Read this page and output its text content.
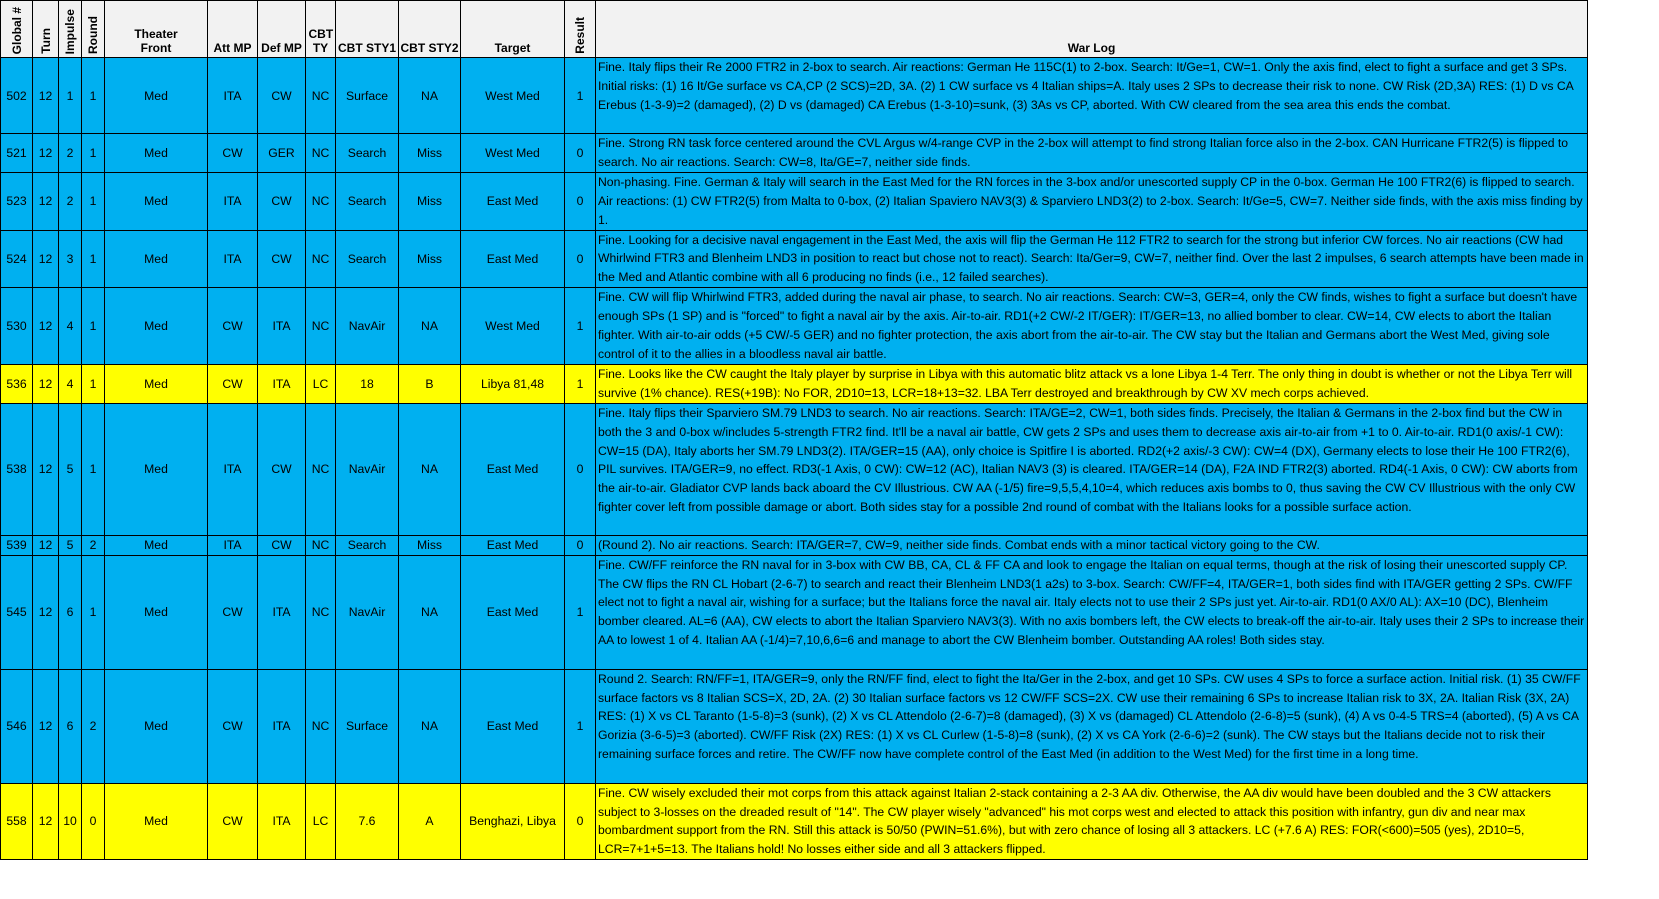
Global #	Turn	Impulse	Round	Theater Front	Att MP	Def MP	CBT TY	CBT STY1	CBT STY2	Target	Result	War Log
502	12	1	1	Med	ITA	CW	NC	Surface	NA	West Med	1	Fine. Italy flips their Re 2000 FTR2 in 2-box to search. Air reactions: German He 115C(1) to 2-box. Search: It/Ge=1, CW=1. Only the axis find, elect to fight a surface and get 3 SPs. Initial risks: (1) 16 It/Ge surface vs CA,CP (2 SCS)=2D, 3A. (2) 1 CW surface vs 4 Italian ships=A. Italy uses 2 SPs to decrease their risk to none. CW Risk (2D,3A) RES: (1) D vs CA Erebus (1-3-9)=2 (damaged), (2) D vs (damaged) CA Erebus (1-3-10)=sunk, (3) 3As vs CP, aborted. With CW cleared from the sea area this ends the combat.
521	12	2	1	Med	CW	GER	NC	Search	Miss	West Med	0	Fine. Strong RN task force centered around the CVL Argus w/4-range CVP in the 2-box will attempt to find strong Italian force also in the 2-box. CAN Hurricane FTR2(5) is flipped to search. No air reactions. Search: CW=8, Ita/GE=7, neither side finds.
523	12	2	1	Med	ITA	CW	NC	Search	Miss	East Med	0	Non-phasing. Fine. German & Italy will search in the East Med for the RN forces in the 3-box and/or unescorted supply CP in the 0-box. German He 100 FTR2(6) is flipped to search. Air reactions: (1) CW FTR2(5) from Malta to 0-box, (2) Italian Spaviero NAV3(3) & Sparviero LND3(2) to 2-box. Search: It/Ge=5, CW=7. Neither side finds, with the axis miss finding by 1.
524	12	3	1	Med	ITA	CW	NC	Search	Miss	East Med	0	Fine. Looking for a decisive naval engagement in the East Med, the axis will flip the German He 112 FTR2 to search for the strong but inferior CW forces. No air reactions (CW had Whirlwind FTR3 and Blenheim LND3 in position to react but chose not to react). Search: Ita/Ger=9, CW=7, neither find. Over the last 2 impulses, 6 search attempts have been made in the Med and Atlantic combine with all 6 producing no finds (i.e., 12 failed searches).
530	12	4	1	Med	CW	ITA	NC	NavAir	NA	West Med	1	Fine. CW will flip Whirlwind FTR3, added during the naval air phase, to search. No air reactions. Search: CW=3, GER=4, only the CW finds, wishes to fight a surface but doesn't have enough SPs (1 SP) and is "forced" to fight a naval air by the axis. Air-to-air. RD1(+2 CW/-2 IT/GER): IT/GER=13, no allied bomber to clear. CW=14, CW elects to abort the Italian fighter. With air-to-air odds (+5 CW/-5 GER) and no fighter protection, the axis abort from the air-to-air. The CW stay but the Italian and Germans abort the West Med, giving sole control of it to the allies in a bloodless naval air battle.
536	12	4	1	Med	CW	ITA	LC	18	B	Libya 81,48	1	Fine. Looks like the CW caught the Italy player by surprise in Libya with this automatic blitz attack vs a lone Libya 1-4 Terr. The only thing in doubt is whether or not the Libya Terr will survive (1% chance). RES(+19B): No FOR, 2D10=13, LCR=18+13=32. LBA Terr destroyed and breakthrough by CW XV mech corps achieved.
538	12	5	1	Med	ITA	CW	NC	NavAir	NA	East Med	0	Fine. Italy flips their Sparviero SM.79 LND3 to search. No air reactions. Search: ITA/GE=2, CW=1, both sides finds. Precisely, the Italian & Germans in the 2-box find but the CW in both the 3 and 0-box w/includes 5-strength FTR2 find. It'll be a naval air battle, CW gets 2 SPs and uses them to decrease axis air-to-air from +1 to 0. Air-to-air. RD1(0 axis/-1 CW): CW=15 (DA), Italy aborts her SM.79 LND3(2). ITA/GER=15 (AA), only choice is Spitfire I is aborted. RD2(+2 axis/-3 CW): CW=4 (DX), Germany elects to lose their He 100 FTR2(6), PIL survives. ITA/GER=9, no effect. RD3(-1 Axis, 0 CW): CW=12 (AC), Italian NAV3 (3) is cleared. ITA/GER=14 (DA), F2A IND FTR2(3) aborted. RD4(-1 Axis, 0 CW): CW aborts from the air-to-air. Gladiator CVP lands back aboard the CV Illustrious. CW AA (-1/5) fire=9,5,5,4,10=4, which reduces axis bombs to 0, thus saving the CW CV Illustrious with the only CW fighter cover left from possible damage or abort. Both sides stay for a possible 2nd round of combat with the Italians looks for a possible surface action.
539	12	5	2	Med	ITA	CW	NC	Search	Miss	East Med	0	(Round 2). No air reactions. Search: ITA/GER=7, CW=9, neither side finds. Combat ends with a minor tactical victory going to the CW.
545	12	6	1	Med	CW	ITA	NC	NavAir	NA	East Med	1	Fine. CW/FF reinforce the RN naval for in 3-box with CW BB, CA, CL & FF CA and look to engage the Italian on equal terms, though at the risk of losing their unescorted supply CP. The CW flips the RN CL Hobart (2-6-7) to search and react their Blenheim LND3(1 a2s) to 3-box. Search: CW/FF=4, ITA/GER=1, both sides find with ITA/GER getting 2 SPs. CW/FF elect not to fight a naval air, wishing for a surface; but the Italians force the naval air. Italy elects not to use their 2 SPs just yet. Air-to-air. RD1(0 AX/0 AL): AX=10 (DC), Blenheim bomber cleared. AL=6 (AA), CW elects to abort the Italian Sparviero NAV3(3). With no axis bombers left, the CW elects to break-off the air-to-air. Italy uses their 2 SPs to increase their AA to lowest 1 of 4. Italian AA (-1/4)=7,10,6,6=6 and manage to abort the CW Blenheim bomber. Outstanding AA roles! Both sides stay.
546	12	6	2	Med	CW	ITA	NC	Surface	NA	East Med	1	Round 2. Search: RN/FF=1, ITA/GER=9, only the RN/FF find, elect to fight the Ita/Ger in the 2-box, and get 10 SPs. CW uses 4 SPs to force a surface action. Initial risk. (1) 35 CW/FF surface factors vs 8 Italian SCS=X, 2D, 2A. (2) 30 Italian surface factors vs 12 CW/FF SCS=2X. CW use their remaining 6 SPs to increase Italian risk to 3X, 2A. Italian Risk (3X, 2A) RES: (1) X vs CL Taranto (1-5-8)=3 (sunk), (2) X vs CL Attendolo (2-6-7)=8 (damaged), (3) X vs (damaged) CL Attendolo (2-6-8)=5 (sunk), (4) A vs 0-4-5 TRS=4 (aborted), (5) A vs CA Gorizia (3-6-5)=3 (aborted). CW/FF Risk (2X) RES: (1) X vs CL Curlew (1-5-8)=8 (sunk), (2) X vs CA York (2-6-6)=2 (sunk). The CW stays but the Italians decide not to risk their remaining surface forces and retire. The CW/FF now have complete control of the East Med (in addition to the West Med) for the first time in a long time.
558	12	10	0	Med	CW	ITA	LC	7.6	A	Benghazi, Libya	0	Fine. CW wisely excluded their mot corps from this attack against Italian 2-stack containing a 2-3 AA div. Otherwise, the AA div would have been doubled and the 3 CW attackers subject to 3-losses on the dreaded result of "14". The CW player wisely "advanced" his mot corps west and elected to attack this position with infantry, gun div and near max bombardment support from the RN. Still this attack is 50/50 (PWIN=51.6%), but with zero chance of losing all 3 attackers. LC (+7.6 A) RES: FOR(<600)=505 (yes), 2D10=5, LCR=7+1+5=13. The Italians hold! No losses either side and all 3 attackers flipped.
